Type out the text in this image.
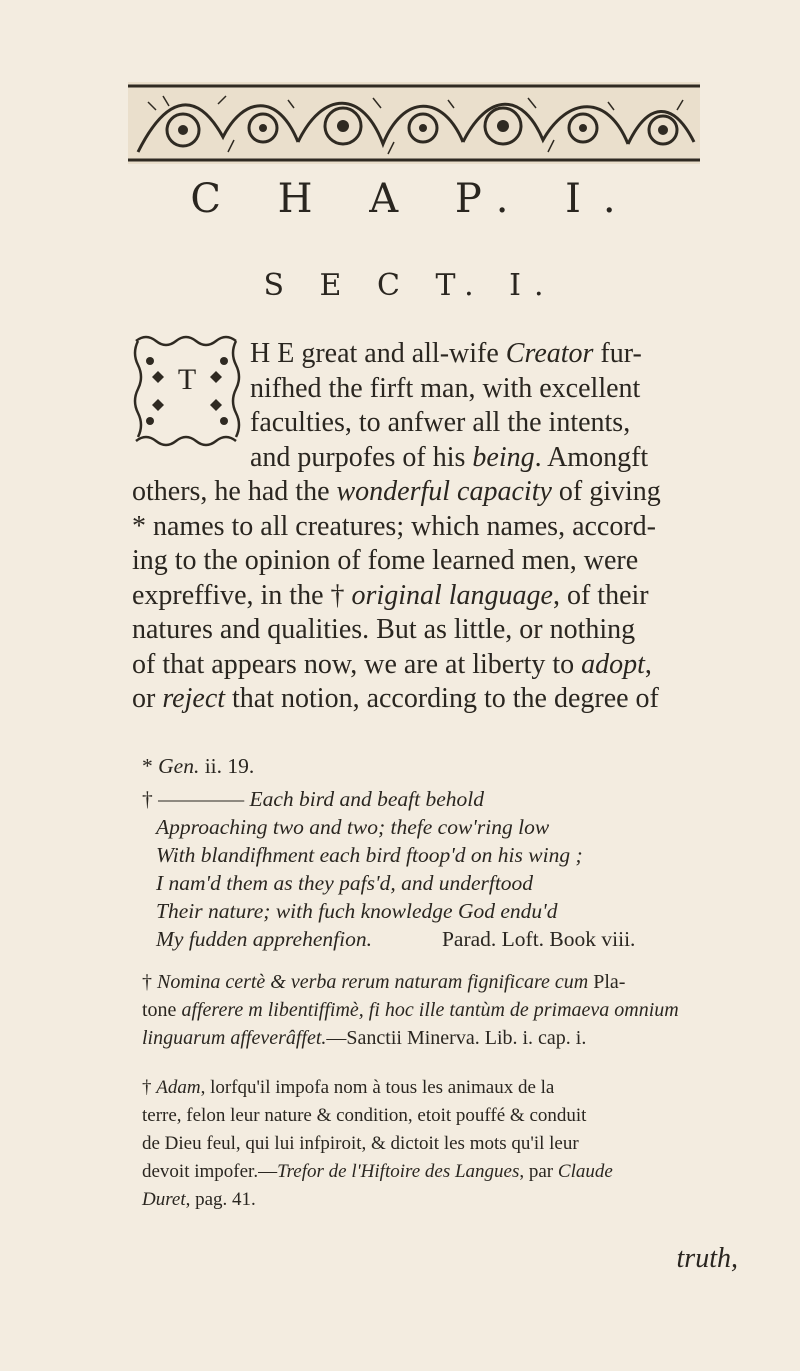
C H A P. I.
S E C T. I.
T
H E great and all-wife Creator fur-
nifhed the firft man, with excellent
faculties, to anfwer all the intents,
and purpofes of his being. Amongft
others, he had the wonderful capacity of giving
* names to all creatures; which names, accord-
ing to the opinion of fome learned men, were
expreffive, in the † original language, of their
natures and qualities. But as little, or nothing
of that appears now, we are at liberty to adopt,
or reject that notion, according to the degree of
* Gen. ii. 19.
† ———— Each bird and beaft behold
Approaching two and two; thefe cow'ring low
With blandifhment each bird ftoop'd on his wing ;
I nam'd them as they pafs'd, and underftood
Their nature; with fuch knowledge God endu'd
My fudden apprehenfion.	Parad. Loft. Book viii.
† Nomina certè & verba rerum naturam fignificare cum Pla-
tone afferere m libentiffimè, fi hoc ille tantùm de primaeva omnium
linguarum affeverâffet.—Sanctii Minerva. Lib. i. cap. i.
† Adam, lorfqu'il impofa nom à tous les animaux de la
terre, felon leur nature & condition, etoit pouffé & conduit
de Dieu feul, qui lui infpiroit, & dictoit les mots qu'il leur
devoit impofer.—Trefor de l'Hiftoire des Langues, par Claude
Duret, pag. 41.
truth,
